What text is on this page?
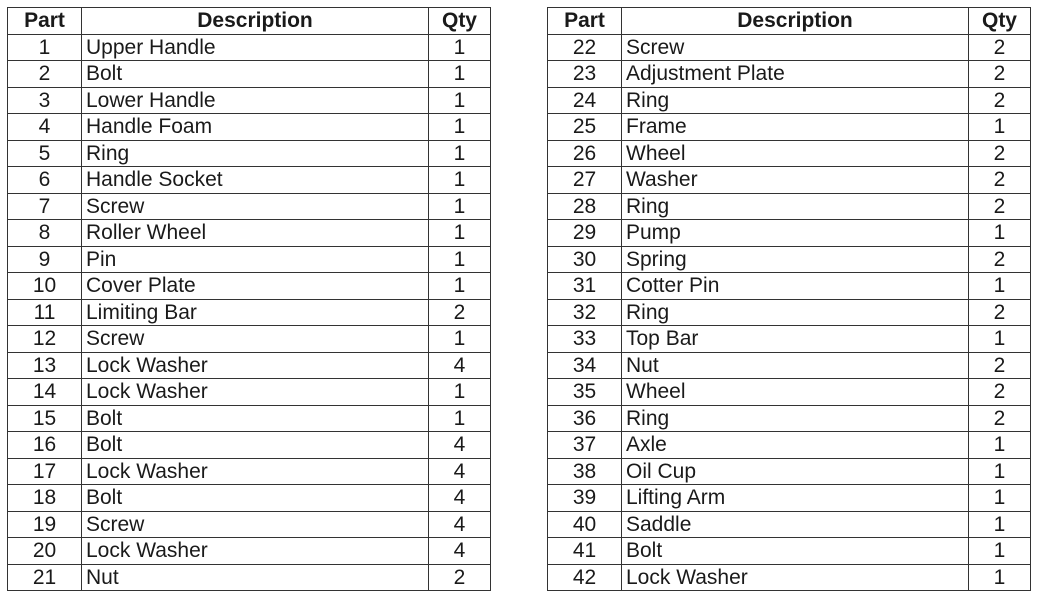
Part	Description	Qty
1	Upper Handle	1
2	Bolt	1
3	Lower Handle	1
4	Handle Foam	1
5	Ring	1
6	Handle Socket	1
7	Screw	1
8	Roller Wheel	1
9	Pin	1
10	Cover Plate	1
11	Limiting Bar	2
12	Screw	1
13	Lock Washer	4
14	Lock Washer	1
15	Bolt	1
16	Bolt	4
17	Lock Washer	4
18	Bolt	4
19	Screw	4
20	Lock Washer	4
21	Nut	2
Part	Description	Qty
22	Screw	2
23	Adjustment Plate	2
24	Ring	2
25	Frame	1
26	Wheel	2
27	Washer	2
28	Ring	2
29	Pump	1
30	Spring	2
31	Cotter Pin	1
32	Ring	2
33	Top Bar	1
34	Nut	2
35	Wheel	2
36	Ring	2
37	Axle	1
38	Oil Cup	1
39	Lifting Arm	1
40	Saddle	1
41	Bolt	1
42	Lock Washer	1
